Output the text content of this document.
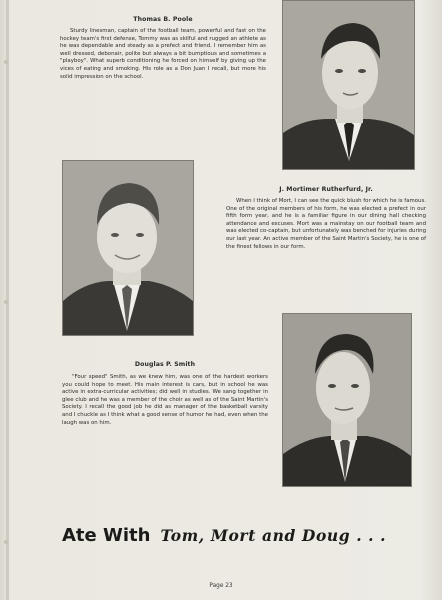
Thomas B. Poole

Sturdy linesman, captain of the football team, powerful and fast on the hockey team's first defense, Tommy was as skilful and rugged an athlete as he was dependable and steady as a prefect and friend. I remember him as well dressed, debonair, polite but always a bit bumptious and sometimes a "playboy". What superb conditioning he forced on himself by giving up the vices of eating and smoking. His role as a Don Juan I recall, but more his solid impression on the school.

J. Mortimer Rutherfurd, Jr.

When I think of Mort, I can see the quick blush for which he is famous. One of the original members of his form, he was elected a prefect in our fifth form year, and he is a familiar figure in our dining hall checking attendance and excuses. Mort was a mainstay on our football team and was elected co-captain, but unfortunately was benched for injuries during our last year. An active member of the Saint Martin's Society, he is one of the finest fellows in our form.

Douglas P. Smith

"Four speed" Smith, as we knew him, was one of the hardest workers you could hope to meet. His main interest is cars, but in school he was active in extra-curricular activities; did well in studies. We sang together in glee club and he was a member of the choir as well as of the Saint Martin's Society. I recall the good job he did as manager of the basketball varsity and I chuckle as I think what a good sense of humor he had, even when the laugh was on him.

Ate With Tom, Mort and Doug . . .
Page 23
